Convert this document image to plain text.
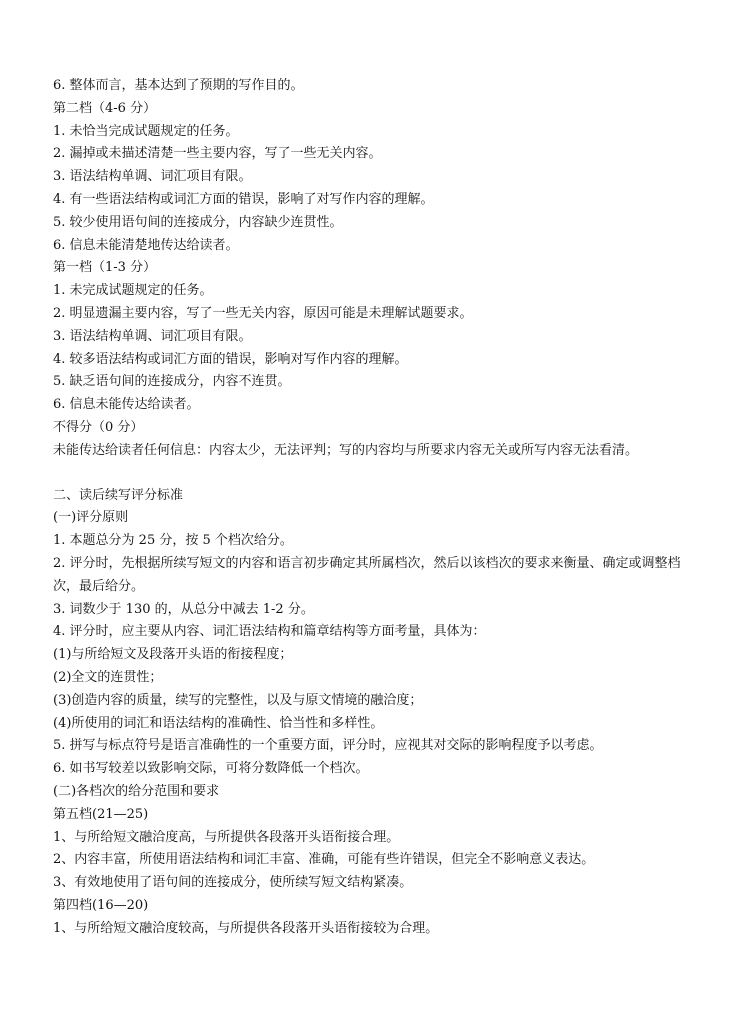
6. 整体而言，基本达到了预期的写作目的。
第二档（4-6 分）
1. 未恰当完成试题规定的任务。
2. 漏掉或未描述清楚一些主要内容，写了一些无关内容。
3. 语法结构单调、词汇项目有限。
4. 有一些语法结构或词汇方面的错误，影响了对写作内容的理解。
5. 较少使用语句间的连接成分，内容缺少连贯性。
6. 信息未能清楚地传达给读者。
第一档（1-3 分）
1. 未完成试题规定的任务。
2. 明显遗漏主要内容，写了一些无关内容，原因可能是未理解试题要求。
3. 语法结构单调、词汇项目有限。
4. 较多语法结构或词汇方面的错误，影响对写作内容的理解。
5. 缺乏语句间的连接成分，内容不连贯。
6. 信息未能传达给读者。
不得分（0 分）
未能传达给读者任何信息：内容太少，无法评判；写的内容均与所要求内容无关或所写内容无法看清。
二、读后续写评分标准
(一)评分原则
1. 本题总分为 25 分，按 5 个档次给分。
2. 评分时，先根据所续写短文的内容和语言初步确定其所属档次，然后以该档次的要求来衡量、确定或调整档次，最后给分。
3. 词数少于 130 的，从总分中减去 1-2 分。
4. 评分时，应主要从内容、词汇语法结构和篇章结构等方面考量，具体为：
(1)与所给短文及段落开头语的衔接程度；
(2)全文的连贯性；
(3)创造内容的质量，续写的完整性，以及与原文情境的融洽度；
(4)所使用的词汇和语法结构的准确性、恰当性和多样性。
5. 拼写与标点符号是语言准确性的一个重要方面，评分时，应视其对交际的影响程度予以考虑。
6. 如书写较差以致影响交际，可将分数降低一个档次。
(二)各档次的给分范围和要求
第五档(21—25)
1、与所给短文融洽度高，与所提供各段落开头语衔接合理。
2、内容丰富，所使用语法结构和词汇丰富、准确，可能有些许错误，但完全不影响意义表达。
3、有效地使用了语句间的连接成分，使所续写短文结构紧凑。
第四档(16—20)
1、与所给短文融洽度较高，与所提供各段落开头语衔接较为合理。
